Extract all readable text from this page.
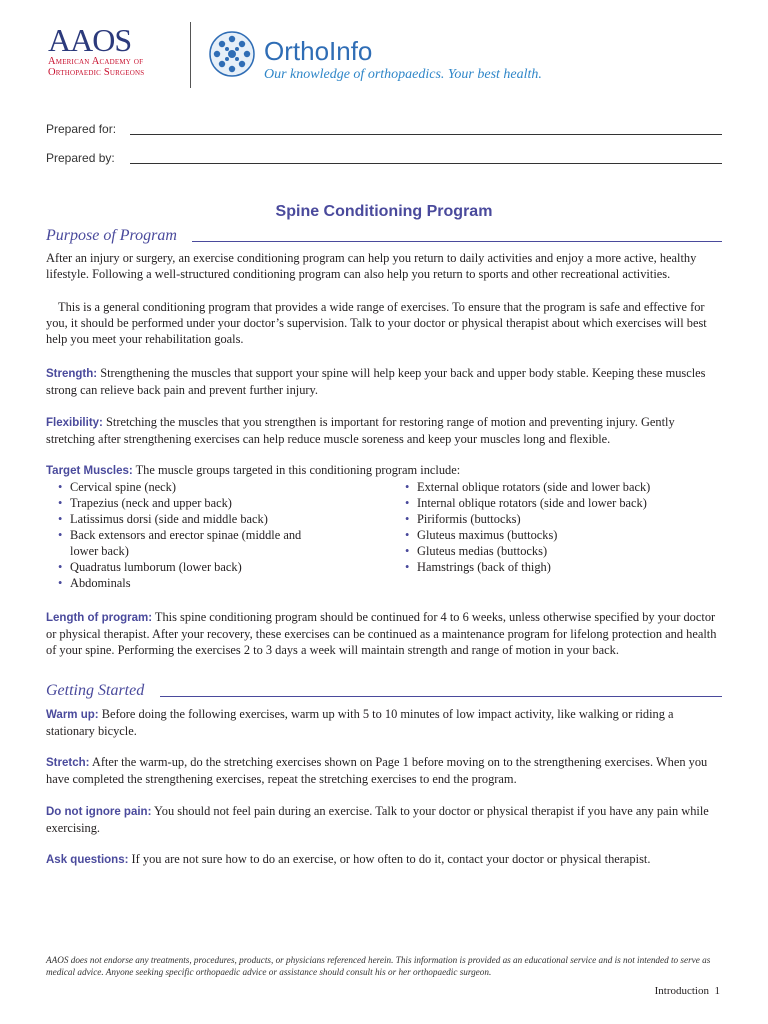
AAOS
American Academy of
Orthopaedic Surgeons
OrthoInfo
Our knowledge of orthopaedics. Your best health.
Prepared for:
Prepared by:
Spine Conditioning Program
Purpose of Program
After an injury or surgery, an exercise conditioning program can help you return to daily activities and enjoy a more active, healthy lifestyle. Following a well-structured conditioning program can also help you return to sports and other recreational activities.
This is a general conditioning program that provides a wide range of exercises. To ensure that the program is safe and effective for you, it should be performed under your doctor’s supervision. Talk to your doctor or physical therapist about which exercises will best help you meet your rehabilitation goals.
Strength: Strengthening the muscles that support your spine will help keep your back and upper body stable. Keeping these muscles strong can relieve back pain and prevent further injury.
Flexibility: Stretching the muscles that you strengthen is important for restoring range of motion and preventing injury. Gently stretching after strengthening exercises can help reduce muscle soreness and keep your muscles long and flexible.
Target Muscles: The muscle groups targeted in this conditioning program include:
• Cervical spine (neck)
• Trapezius (neck and upper back)
• Latissimus dorsi (side and middle back)
• Back extensors and erector spinae (middle and lower back)
• Quadratus lumborum (lower back)
• Abdominals
• External oblique rotators (side and lower back)
• Internal oblique rotators (side and lower back)
• Piriformis (buttocks)
• Gluteus maximus (buttocks)
• Gluteus medias (buttocks)
• Hamstrings (back of thigh)
Length of program: This spine conditioning program should be continued for 4 to 6 weeks, unless otherwise specified by your doctor or physical therapist. After your recovery, these exercises can be continued as a maintenance program for lifelong protection and health of your spine. Performing the exercises 2 to 3 days a week will maintain strength and range of motion in your back.
Getting Started
Warm up: Before doing the following exercises, warm up with 5 to 10 minutes of low impact activity, like walking or riding a stationary bicycle.
Stretch: After the warm-up, do the stretching exercises shown on Page 1 before moving on to the strengthening exercises. When you have completed the strengthening exercises, repeat the stretching exercises to end the program.
Do not ignore pain: You should not feel pain during an exercise. Talk to your doctor or physical therapist if you have any pain while exercising.
Ask questions: If you are not sure how to do an exercise, or how often to do it, contact your doctor or physical therapist.
AAOS does not endorse any treatments, procedures, products, or physicians referenced herein. This information is provided as an educational service and is not intended to serve as medical advice. Anyone seeking specific orthopaedic advice or assistance should consult his or her orthopaedic surgeon.
Introduction 1
